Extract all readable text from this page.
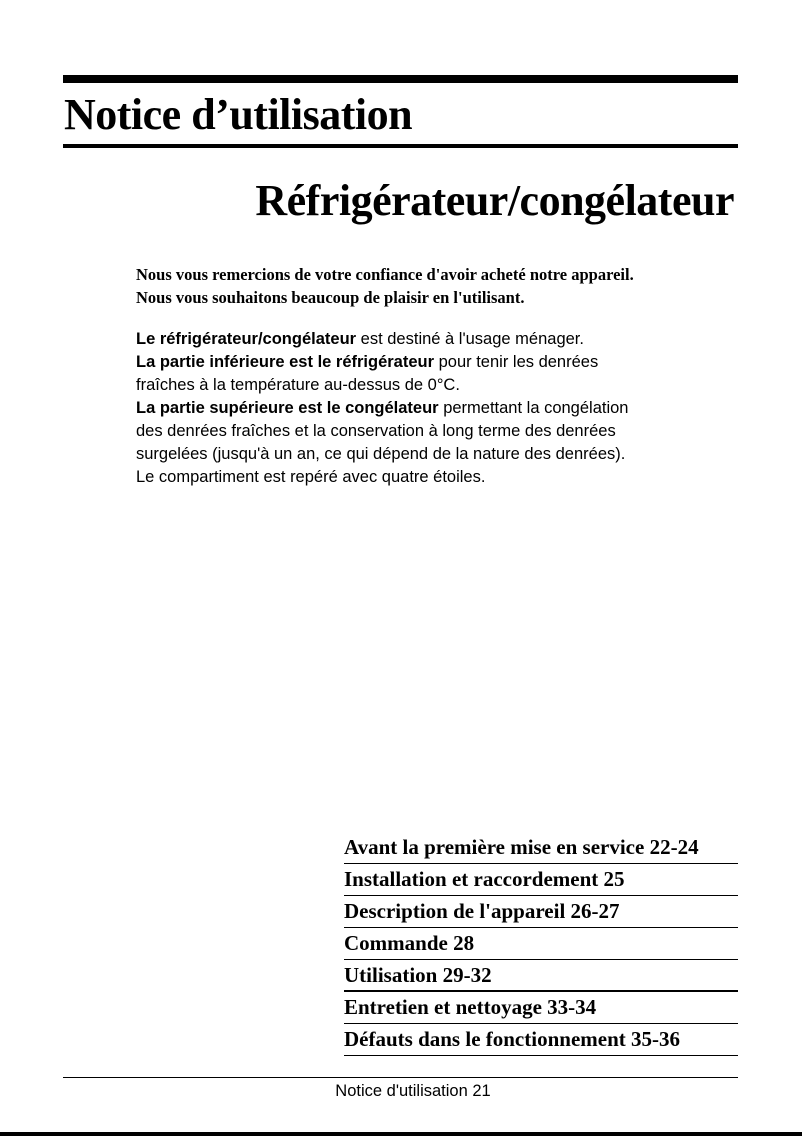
Notice d’utilisation
Réfrigérateur/congélateur

Nous vous remercions de votre confiance d'avoir acheté notre appareil.

Nous vous souhaitons beaucoup de plaisir en l'utilisant.

Le réfrigérateur/congélateur est destiné à l'usage ménager.

La partie inférieure est le réfrigérateur pour tenir les denrées

fraîches à la température au-dessus de 0°C.

La partie supérieure est le congélateur permettant la congélation

des denrées fraîches et la conservation à long terme des denrées

surgelées (jusqu'à un an, ce qui dépend de la nature des denrées).

Le compartiment est repéré avec quatre étoiles.

Avant la première mise en service 22-24
Installation et raccordement 25
Description de l'appareil 26-27
Commande 28
Utilisation 29-32
Entretien et nettoyage 33-34
Défauts dans le fonctionnement 35-36
Notice d'utilisation 21
